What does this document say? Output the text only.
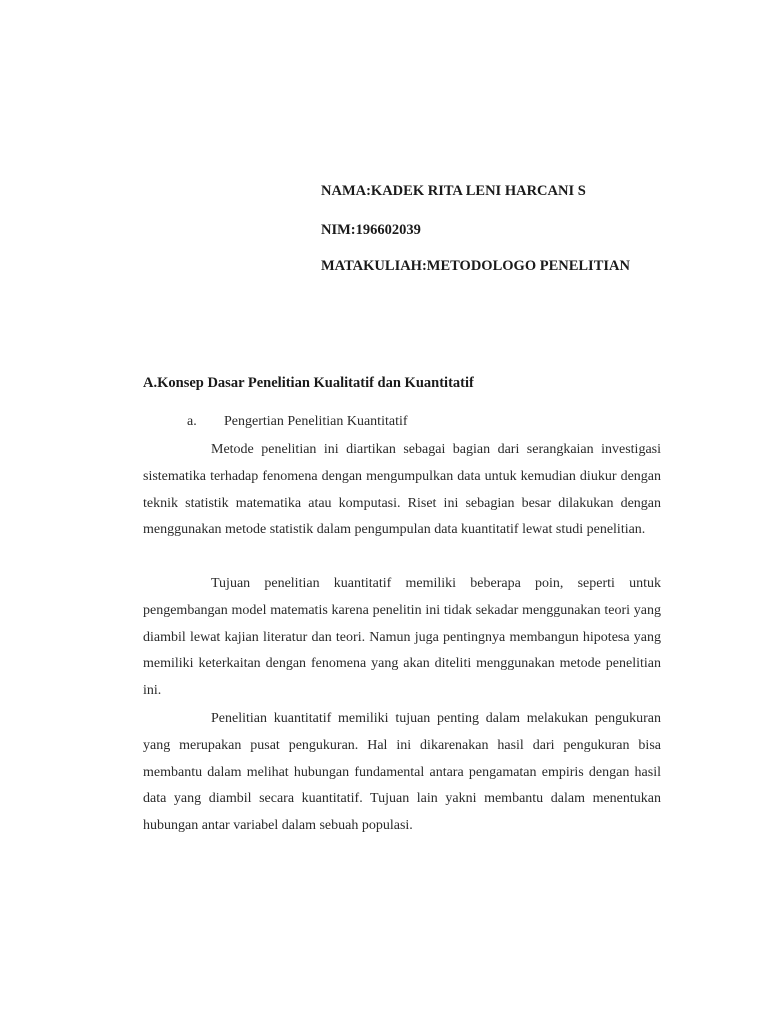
NAMA:KADEK RITA LENI HARCANI S
NIM:196602039
MATAKULIAH:METODOLOGO PENELITIAN
A.Konsep Dasar Penelitian Kualitatif dan Kuantitatif
a. Pengertian Penelitian Kuantitatif

Metode penelitian ini diartikan sebagai bagian dari serangkaian investigasi sistematika terhadap fenomena dengan mengumpulkan data untuk kemudian diukur dengan teknik statistik matematika atau komputasi. Riset ini sebagian besar dilakukan dengan menggunakan metode statistik dalam pengumpulan data kuantitatif lewat studi penelitian.

Tujuan penelitian kuantitatif memiliki beberapa poin, seperti untuk pengembangan model matematis karena penelitin ini tidak sekadar menggunakan teori yang diambil lewat kajian literatur dan teori. Namun juga pentingnya membangun hipotesa yang memiliki keterkaitan dengan fenomena yang akan diteliti menggunakan metode penelitian ini.

Penelitian kuantitatif memiliki tujuan penting dalam melakukan pengukuran yang merupakan pusat pengukuran. Hal ini dikarenakan hasil dari pengukuran bisa membantu dalam melihat hubungan fundamental antara pengamatan empiris dengan hasil data yang diambil secara kuantitatif. Tujuan lain yakni membantu dalam menentukan hubungan antar variabel dalam sebuah populasi.
